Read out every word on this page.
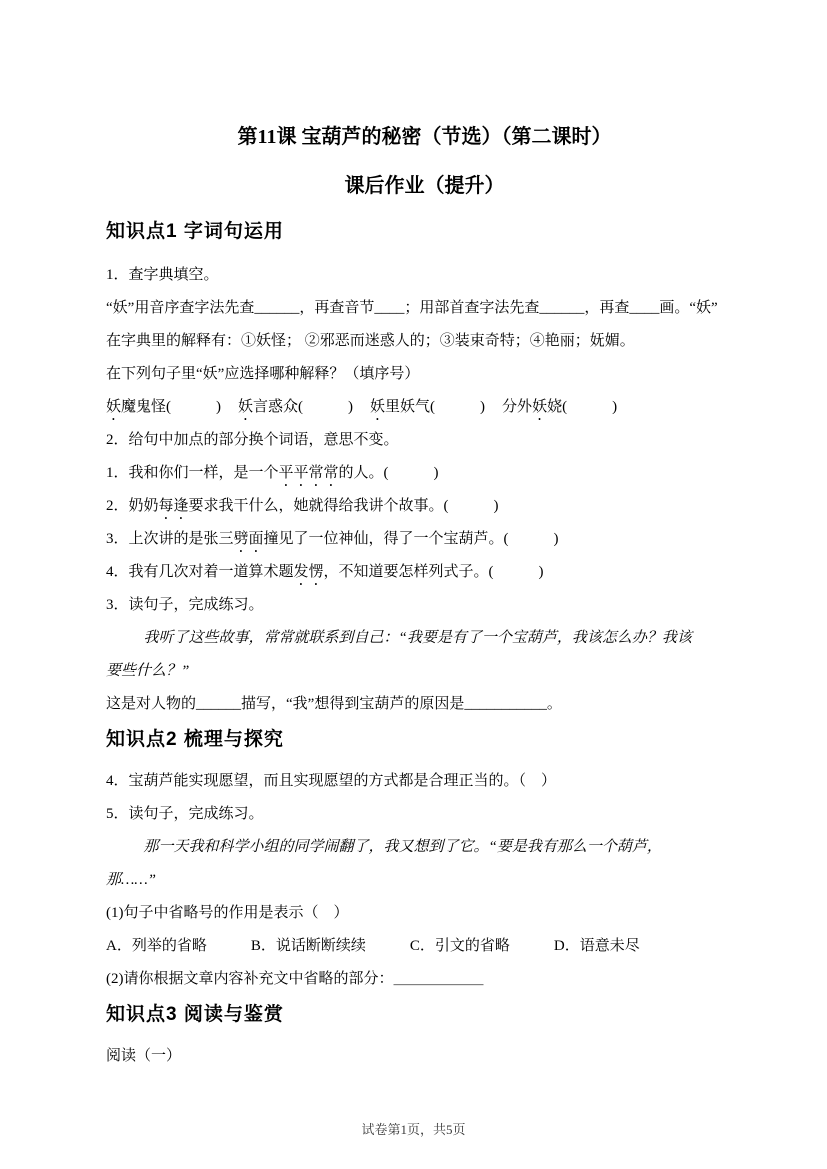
第11课 宝葫芦的秘密（节选）（第二课时）
课后作业（提升）
知识点1 字词句运用

1．查字典填空。

“妖”用音序查字法先查______，再查音节____；用部首查字法先查______，再查____画。“妖”

在字典里的解释有：①妖怪； ②邪恶而迷惑人的；③装束奇特；④艳丽；妩媚。

在下列句子里“妖”应选择哪种解释？（填序号）

妖魔鬼怪(　　　) 妖言惑众(　　　) 妖里妖气(　　　) 分外妖娆(　　　)

2．给句中加点的部分换个词语，意思不变。

1．我和你们一样，是一个平平常常的人。(　　　)

2．奶奶每逢要求我干什么，她就得给我讲个故事。(　　　)

3．上次讲的是张三劈面撞见了一位神仙，得了一个宝葫芦。(　　　)

4．我有几次对着一道算术题发愣，不知道要怎样列式子。(　　　)

3．读句子，完成练习。

我听了这些故事，常常就联系到自己：“我要是有了一个宝葫芦，我该怎么办？我该

要些什么？”

这是对人物的______描写，“我”想得到宝葫芦的原因是___________。

知识点2 梳理与探究

4．宝葫芦能实现愿望，而且实现愿望的方式都是合理正当的。（　）

5．读句子，完成练习。

那一天我和科学小组的同学闹翻了，我又想到了它。“要是我有那么一个葫芦，

那……”

(1)句子中省略号的作用是表示（　）

A．列举的省略	B．说话断断续续	C．引文的省略	D．语意未尽

(2)请你根据文章内容补充文中省略的部分：＿＿＿＿＿＿

知识点3 阅读与鉴赏

阅读（一）

试卷第1页，共5页
